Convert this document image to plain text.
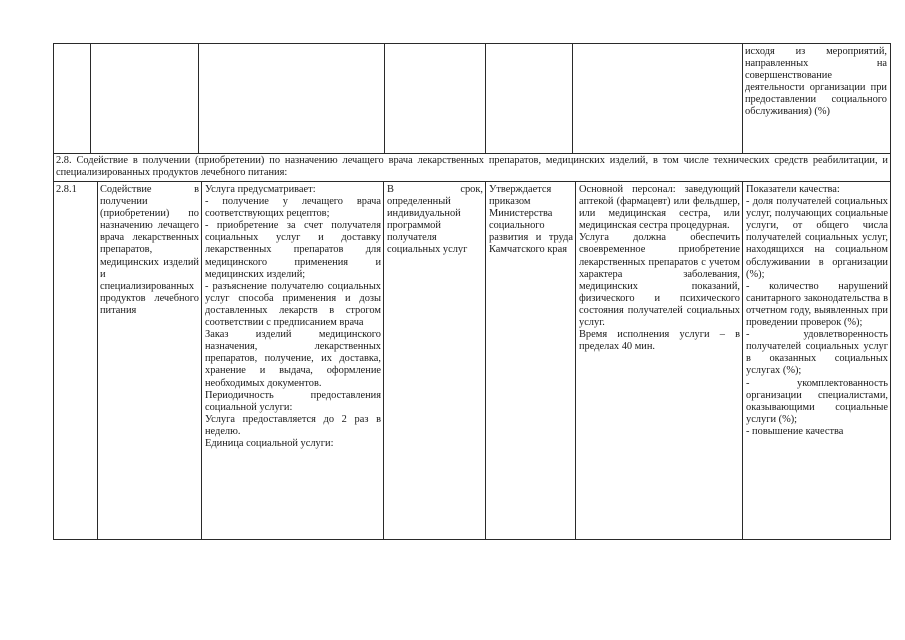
исходя из мероприятий, направленных на совершенствование деятельности организации при предоставлении социального обслуживания) (%)

2.8. Содействие в получении (приобретении) по назначению лечащего врача лекарственных препаратов, медицинских изделий, в том числе технических средств реабилитации, и специализированных продуктов лечебного питания:

2.8.1	Содействие в получении (приобретении) по назначению лечащего врача лекарственных препаратов, медицинских изделий и специализированных продуктов лечебного питания

Услуга предусматривает:

- получение у лечащего врача соответствующих рецептов;

- приобретение за счет получателя социальных услуг и доставку лекарственных препаратов для медицинского применения и медицинских изделий;

- разъяснение получателю социальных услуг способа применения и дозы доставленных лекарств в строгом соответствии с предписанием врача

Заказ изделий медицинского назначения, лекарственных препаратов, получение, их доставка, хранение и выдача, оформление необходимых документов.

Периодичность предоставления социальной услуги:

Услуга предоставляется до 2 раз в неделю.

Единица социальной услуги:

В срок, определенный индивидуальной программой получателя социальных услуг

Утверждается приказом Министерства социального развития и труда Камчатского края

Основной персонал: заведующий аптекой (фармацевт) или фельдшер, или медицинская сестра, или медицинская сестра процедурная.

Услуга должна обеспечить своевременное приобретение лекарственных препаратов с учетом характера заболевания, медицинских показаний, физического и психического состояния получателей социальных услуг.

Время исполнения услуги – в пределах 40 мин.

Показатели качества:

- доля получателей социальных услуг, получающих социальные услуги, от общего числа получателей социальных услуг, находящихся на социальном обслуживании в организации (%);

- количество нарушений санитарного законодательства в отчетном году, выявленных при проведении проверок (%);

- удовлетворенность получателей социальных услуг в оказанных социальных услугах (%);

- укомплектованность организации специалистами, оказывающими социальные услуги (%);

- повышение качества
